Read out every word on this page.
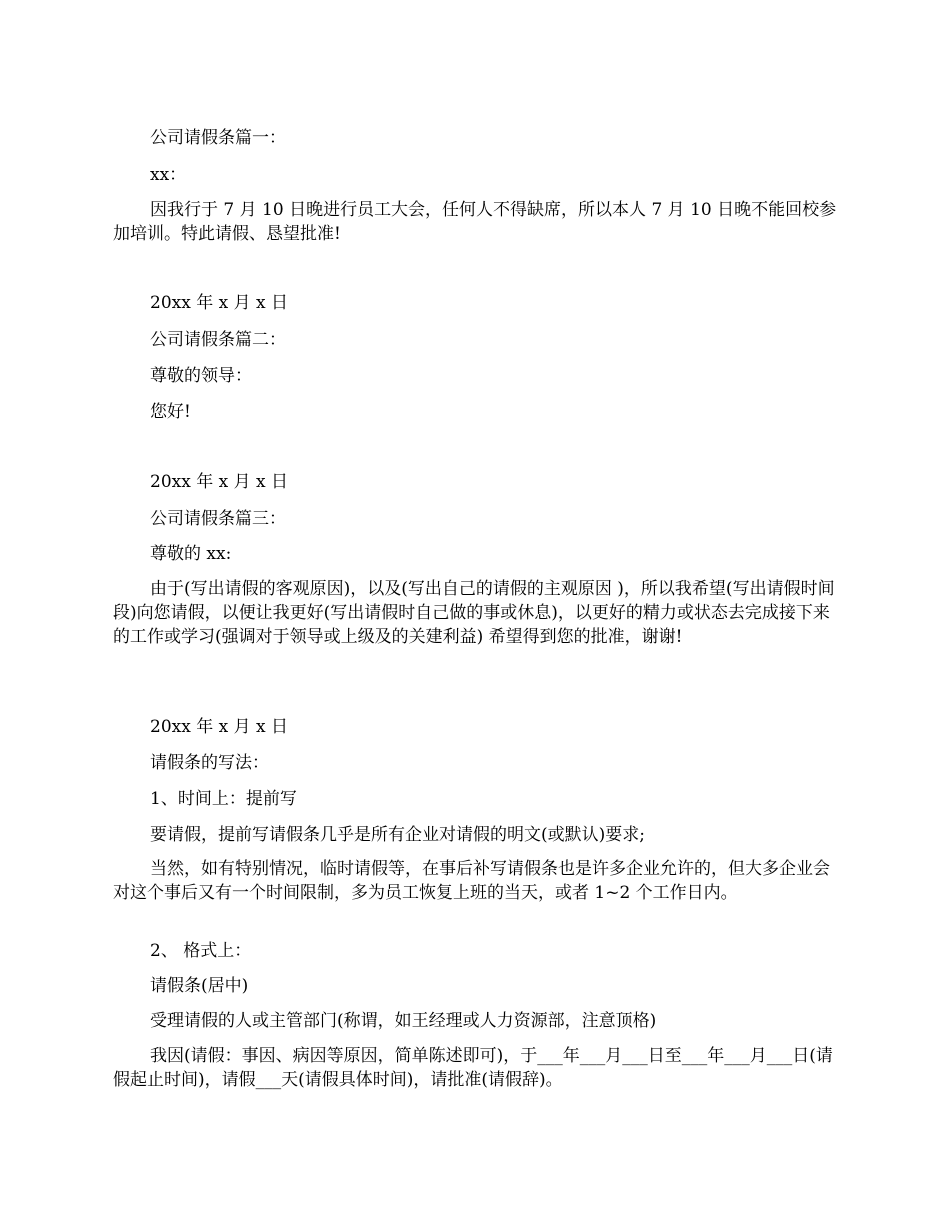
公司请假条篇一：

xx：

因我行于 7 月 10 日晚进行员工大会，任何人不得缺席，所以本人 7 月 10 日晚不能回校参加培训。特此请假、恳望批准!

20xx 年 x 月 x 日

公司请假条篇二：

尊敬的领导：

您好!

20xx 年 x 月 x 日

公司请假条篇三：

尊敬的 xx:

由于(写出请假的客观原因)，以及(写出自己的请假的主观原因 )，所以我希望(写出请假时间段)向您请假，以便让我更好(写出请假时自己做的事或休息)，以更好的精力或状态去完成接下来的工作或学习(强调对于领导或上级及的关建利益) 希望得到您的批准，谢谢!

20xx 年 x 月 x 日

请假条的写法：

1、时间上：提前写

要请假，提前写请假条几乎是所有企业对请假的明文(或默认)要求;

当然，如有特别情况，临时请假等，在事后补写请假条也是许多企业允许的，但大多企业会对这个事后又有一个时间限制，多为员工恢复上班的当天，或者 1~2 个工作日内。

2、 格式上：

请假条(居中)

受理请假的人或主管部门(称谓，如王经理或人力资源部，注意顶格)

我因(请假：事因、病因等原因，简单陈述即可)，于___年___月___日至___年___月___日(请假起止时间)，请假___天(请假具体时间)，请批准(请假辞)。
